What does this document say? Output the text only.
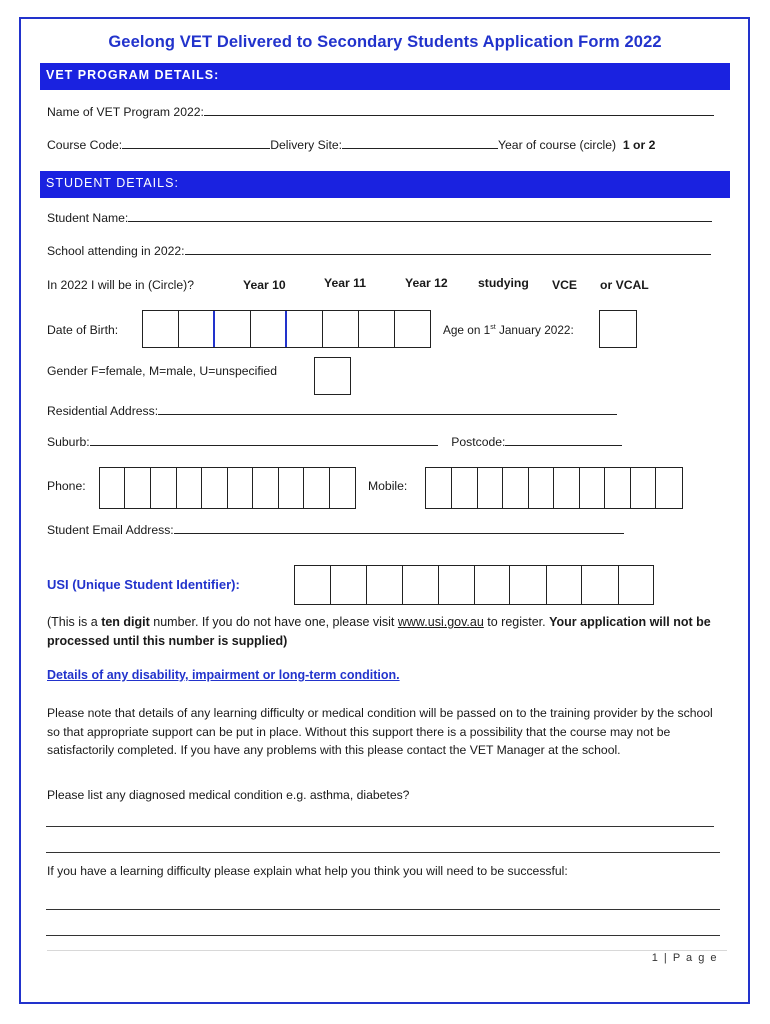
Geelong VET Delivered to Secondary Students Application Form 2022
VET PROGRAM DETAILS:
Name of VET Program 2022:
Course Code:	Delivery Site:	Year of course (circle) 1 or 2
STUDENT DETAILS:
Student Name:
School attending in 2022:
In 2022 I will be in (Circle)?	Year 10	Year 11	Year 12 studying VCE or VCAL
Date of Birth:	Age on 1st January 2022:
Gender F=female, M=male, U=unspecified
Residential Address:
Suburb:	Postcode:
Phone:	Mobile:
Student Email Address:
USI (Unique Student Identifier):
(This is a ten digit number. If you do not have one, please visit www.usi.gov.au to register. Your application will not be processed until this number is supplied)
Details of any disability, impairment or long-term condition.
Please note that details of any learning difficulty or medical condition will be passed on to the training provider by the school so that appropriate support can be put in place. Without this support there is a possibility that the course may not be satisfactorily completed. If you have any problems with this please contact the VET Manager at the school.
Please list any diagnosed medical condition e.g. asthma, diabetes?
If you have a learning difficulty please explain what help you think you will need to be successful:
1 | P a g e
